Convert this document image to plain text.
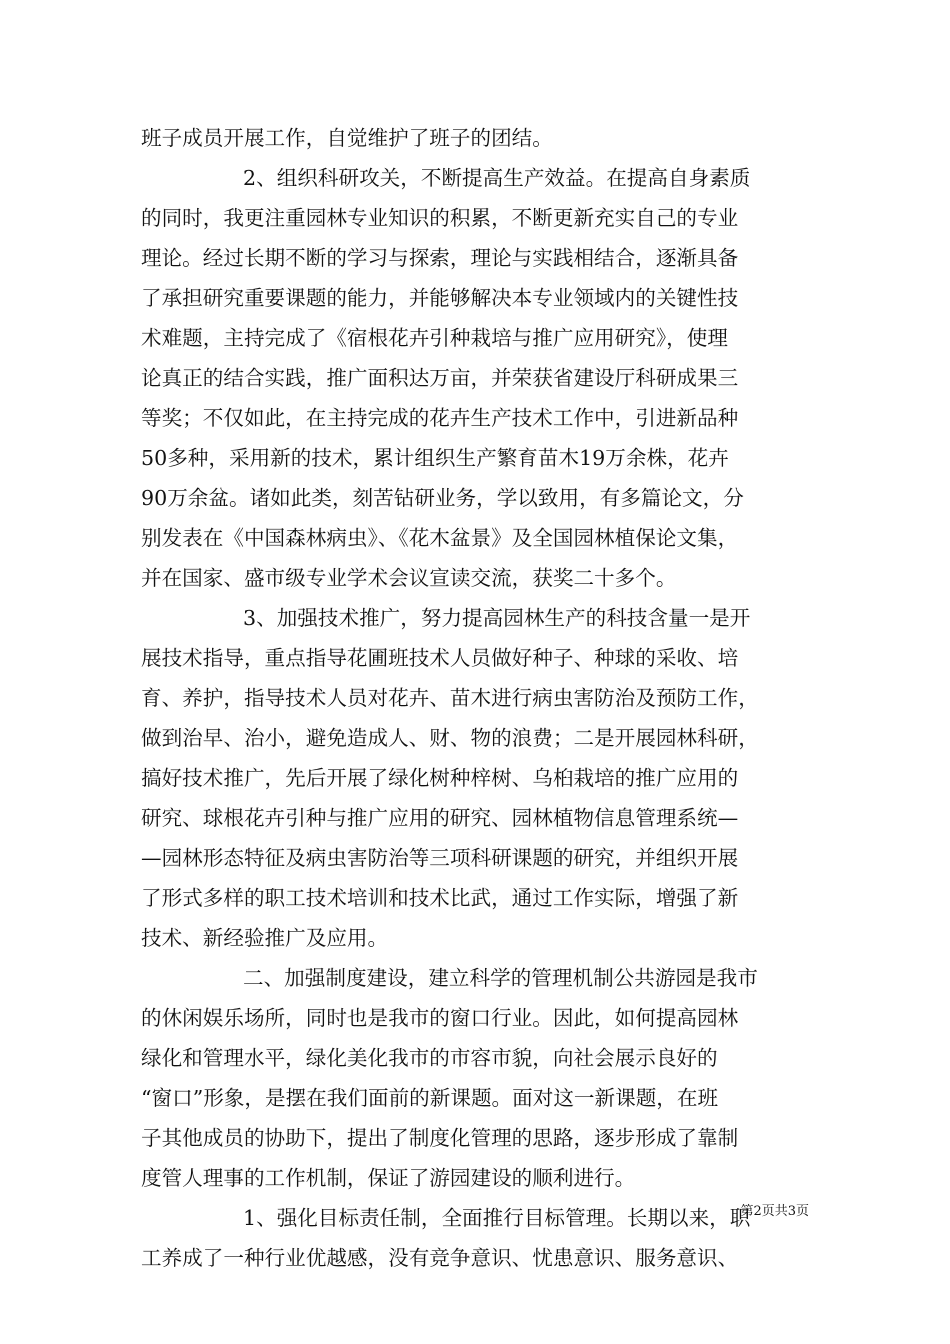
班子成员开展工作，自觉维护了班子的团结。
2、组织科研攻关，不断提高生产效益。在提高自身素质
的同时，我更注重园林专业知识的积累，不断更新充实自己的专业
理论。经过长期不断的学习与探索，理论与实践相结合，逐渐具备
了承担研究重要课题的能力，并能够解决本专业领域内的关键性技
术难题，主持完成了《宿根花卉引种栽培与推广应用研究》，使理
论真正的结合实践，推广面积达万亩，并荣获省建设厅科研成果三
等奖；不仅如此，在主持完成的花卉生产技术工作中，引进新品种
50多种，采用新的技术，累计组织生产繁育苗木19万余株，花卉
90万余盆。诸如此类，刻苦钻研业务，学以致用，有多篇论文，分
别发表在《中国森林病虫》、《花木盆景》及全国园林植保论文集，
并在国家、盛市级专业学术会议宣读交流，获奖二十多个。
3、加强技术推广，努力提高园林生产的科技含量一是开
展技术指导，重点指导花圃班技术人员做好种子、种球的采收、培
育、养护，指导技术人员对花卉、苗木进行病虫害防治及预防工作，
做到治早、治小，避免造成人、财、物的浪费；二是开展园林科研，
搞好技术推广，先后开展了绿化树种梓树、乌桕栽培的推广应用的
研究、球根花卉引种与推广应用的研究、园林植物信息管理系统—
—园林形态特征及病虫害防治等三项科研课题的研究，并组织开展
了形式多样的职工技术培训和技术比武，通过工作实际，增强了新
技术、新经验推广及应用。
二、加强制度建设，建立科学的管理机制公共游园是我市
的休闲娱乐场所，同时也是我市的窗口行业。因此，如何提高园林
绿化和管理水平，绿化美化我市的市容市貌，向社会展示良好的
“窗口”形象，是摆在我们面前的新课题。面对这一新课题，在班
子其他成员的协助下，提出了制度化管理的思路，逐步形成了靠制
度管人理事的工作机制，保证了游园建设的顺利进行。
1、强化目标责任制，全面推行目标管理。长期以来，职
工养成了一种行业优越感，没有竞争意识、忧患意识、服务意识、
第2页共3页
